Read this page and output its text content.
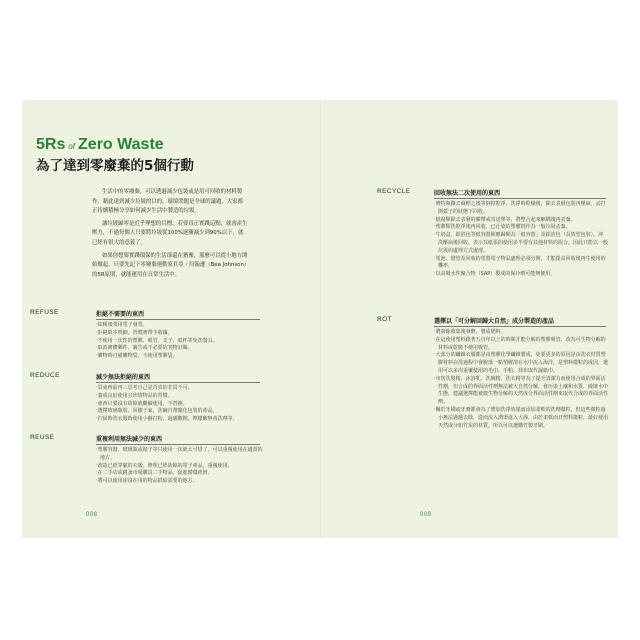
5Rs of Zero Waste
為了達到零廢棄的5個行動

生活中的零廢棄，可以透過減少包裝或是用可回收的材料製作，藉此達到減少垃圾的目的，環境問題是全球的議題，大家都正持續積極分享如何減少生活中製造的垃圾。

讓垃圾歸零是近乎理想的目標，若要真正實踐這點，就會產生壓力，不過每個人只要將垃圾從100%逐漸減少到90%以下，就已經有很大的意義了。

如果你想要實踐環保的生活卻還在猶豫，那麼可以從小地方開始做起。只要先記下零廢棄運動家貝亞・約翰遜（Bea Johnson）的5R原則，就能運用在日常生活中。

REFUSE	拒絕不需要的東西
‧結帳後領用電子發票。
‧拒絕紙本明細，習慣實帶手收據。
‧不使用一次性的塑膠、吸管、叉子、紙杯等免洗餐具。
‧取消實體郵件、廣告或不必要的刊物訂閱。
‧購物時自備購物袋，不使用塑膠袋。
REDUCE	減少無法拒絕的東西
‧買東西前再三思考自己是否真的非買不可。
‧養成良好使用且珍惜物品的習慣。
‧東西只要沒有故障就繼續使用，不替換。
‧選擇玻璃瓶裝、回饋于家，洗碗自帶簡化包裝的產品。
‧打掃時洗衣服時使用小蘇打粉、過碳酸鈉、檸檬酸無毒洗劑等。
REUSE	重複利用無法減少的東西
‧塑膠容器、玻璃瓶或箱子等只使用一次就太可惜了，可以重複使用在適當的地方。
‧改造已經穿膩的衣服，修理已經故障的電子產品，重複使用。
‧在二手店或跳蚤市場購買二手物品，促進循環經濟。
‧將可以使用卻沒在用的物品捐給需要的地方。
008
RECYCLE	回收無法二次使用的東西
‧實特瓶撕去商標之後等倒掉乾淨，洗淨時乾燥後，除去表層包裝再壓扁，丟打開蓋子的狀態下回收。
‧紙箱類除去表層的膠帶或寄送單等，將整合起來綑綁後再丟棄。
‧塑膠類洗乾淨後再回收，已汙染的塑膠則作為一般垃圾丟棄。
‧牛奶盒、鋁箔包等紙容器類應歸類為「紙容器」及鋁箔包（長效型包裝），沖洗壓扁後回收，表示其紙張的使用多半要有其他材料的混合，因此只能以一般垃圾的處理方式處理。
‧電池、燈管及回收的電器電子物品處理必須分開，才能提高回收後再生使用的機率。
‧以高吸水性聚合物（SAP）製成的保冷劑可能無便用。
ROT	選擇以「可分解回歸大自然」成分製造的產品
‧將廚餘收集後發酵，製成肥料。
‧在這使用塑料跟著五百年以上的時間才能分解的塑膠吸管，改為可生物分解的材料或乾脆不使用吸管。
‧大部分的纖維衣服都是由塑膠化學纖維製成，免要更多的原因是由洗衣材質塑膠材料在洗過程中會脫落一點塑膠溶在水中流入海洋，是塑料微粒的成因，選用可以多次重覆使用的毛巾、手帕、抹布取代濕紙巾。
‧市售洗髮精、沐浴乳、洗碗精、洗衣精等為了提升清潔力而使用合成的界面活性劑，但合成的界面活性劑無法被大自然分解，會污染土壤和水質，破壞水中生態，建議選擇能被微生物分解的天然成分界面活性劑來取代合成的界面活性劑。
‧關於牙刷或牙膏都會為了增加洗淨效果而添加柔軟的洗劑微粒，但這些微粒過小無法過濾去除，從而流入溝渠進入大海，由於柔軟而且塑料微粒，最好使用天然成分如竹炭的材質，所以可以選購竹製牙刷。
009
